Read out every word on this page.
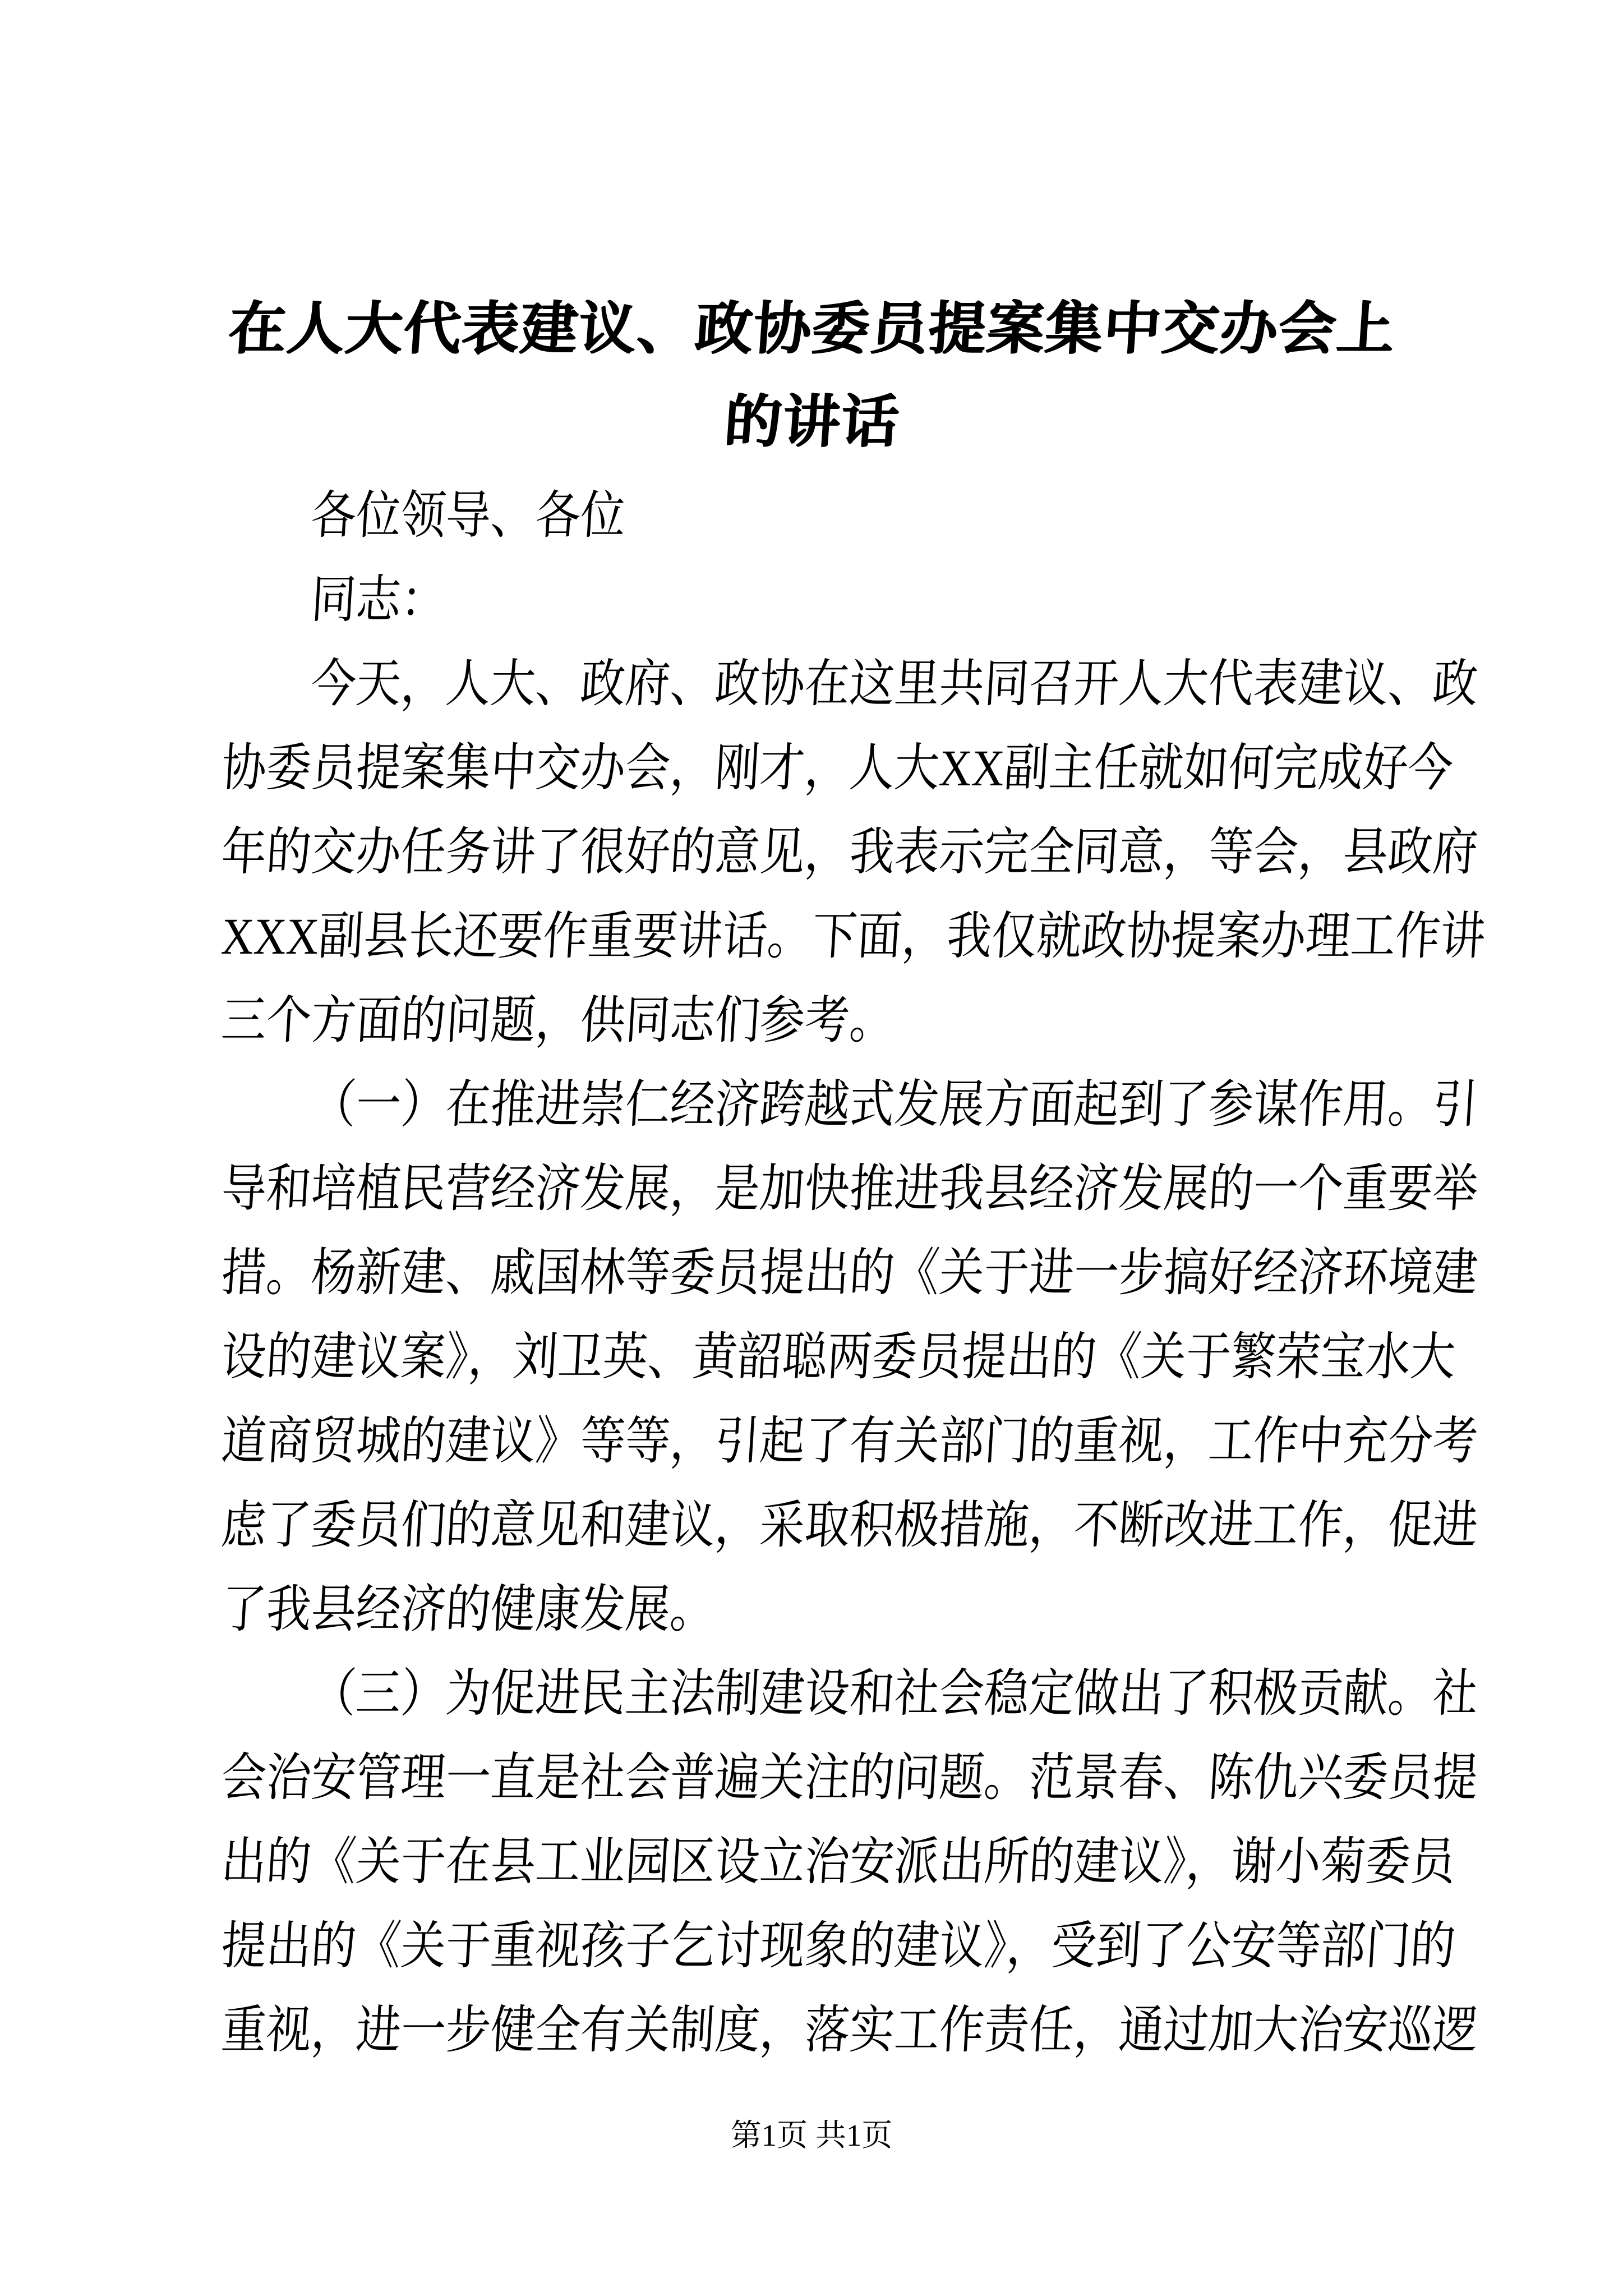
在人大代表建议、政协委员提案集中交办会上
的讲话
各位领导、各位
同志：
今天，人大、政府、政协在这里共同召开人大代表建议、政
协委员提案集中交办会，刚才，人大XX副主任就如何完成好今
年的交办任务讲了很好的意见，我表示完全同意，等会，县政府
XXX副县长还要作重要讲话。下面，我仅就政协提案办理工作讲
三个方面的问题，供同志们参考。
（一）在推进崇仁经济跨越式发展方面起到了参谋作用。引
导和培植民营经济发展，是加快推进我县经济发展的一个重要举
措。杨新建、戚国林等委员提出的《关于进一步搞好经济环境建
设的建议案》，刘卫英、黄韶聪两委员提出的《关于繁荣宝水大
道商贸城的建议》等等，引起了有关部门的重视，工作中充分考
虑了委员们的意见和建议，采取积极措施，不断改进工作，促进
了我县经济的健康发展。
（三）为促进民主法制建设和社会稳定做出了积极贡献。社
会治安管理一直是社会普遍关注的问题。范景春、陈仇兴委员提
出的《关于在县工业园区设立治安派出所的建议》，谢小菊委员
提出的《关于重视孩子乞讨现象的建议》，受到了公安等部门的
重视，进一步健全有关制度，落实工作责任，通过加大治安巡逻
第1页 共1页
